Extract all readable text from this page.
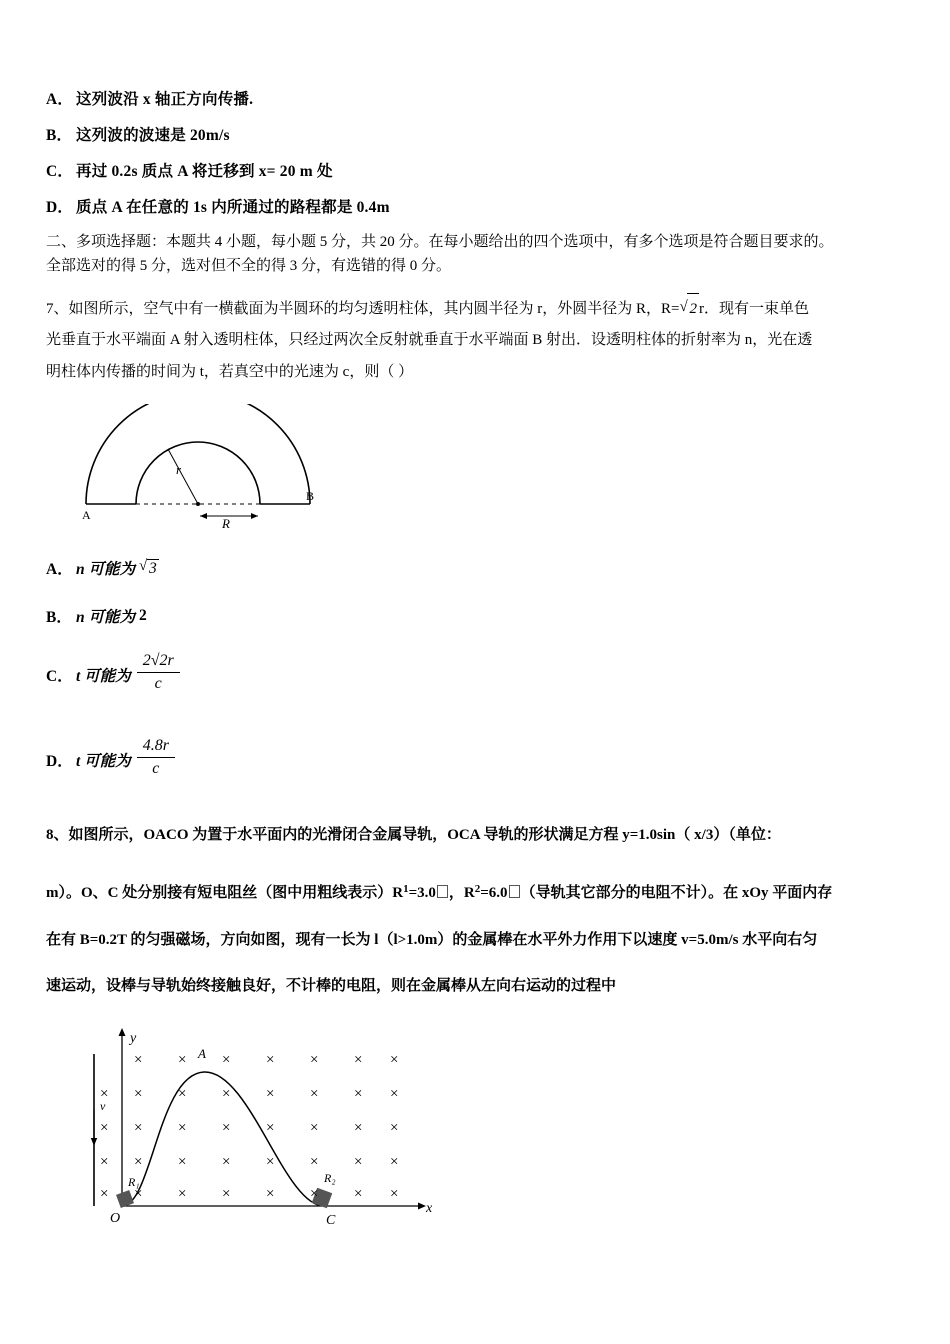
A． 这列波沿 x 轴正方向传播.
B． 这列波的波速是 20m/s
C． 再过 0.2s 质点 A 将迁移到 x= 20 m 处
D． 质点 A 在任意的 1s 内所通过的路程都是 0.4m
二、多项选择题：本题共 4 小题，每小题 5 分，共 20 分。在每小题给出的四个选项中，有多个选项是符合题目要求的。
全部选对的得 5 分，选对但不全的得 3 分，有选错的得 0 分。
7、如图所示，空气中有一横截面为半圆环的均匀透明柱体，其内圆半径为 r，外圆半径为 R，R= √ 2 r．现有一束单色
光垂直于水平端面 A 射入透明柱体，只经过两次全反射就垂直于水平端面 B 射出．设透明柱体的折射率为 n，光在透
明柱体内传播的时间为 t，若真空中的光速为 c，则（ ）
r
R
A
B
A． n 可能为 √ 3
B． n 可能为 2
C． t 可能为 $\frac{2√2r}{c}$
D． t 可能为 $\frac{4.8r}{c}$
8、如图所示，OACO 为置于水平面内的光滑闭合金属导轨，OCA 导轨的形状满足方程 y=1.0sin（ x/3）（单位：
m）。O、C 处分别接有短电阻丝（图中用粗线表示）$R^1=3.0$ ，$R^2=6.0$ （导轨其它部分的电阻不计）。在 xOy 平面内存
在有 B=0.2T 的匀强磁场，方向如图，现有一长为 l（l>1.0m）的金属棒在水平外力作用下以速度 v=5.0m/s 水平向右匀
速运动，设棒与导轨始终接触良好，不计棒的电阻，则在金属棒从左向右运动的过程中
× × × × × × ×
× × × × × × ×
× × × × × × ×
× × × × × × ×
× × × × × × ×
×
×
×
×
y
x
O
A
C
v
R₁	R₂
